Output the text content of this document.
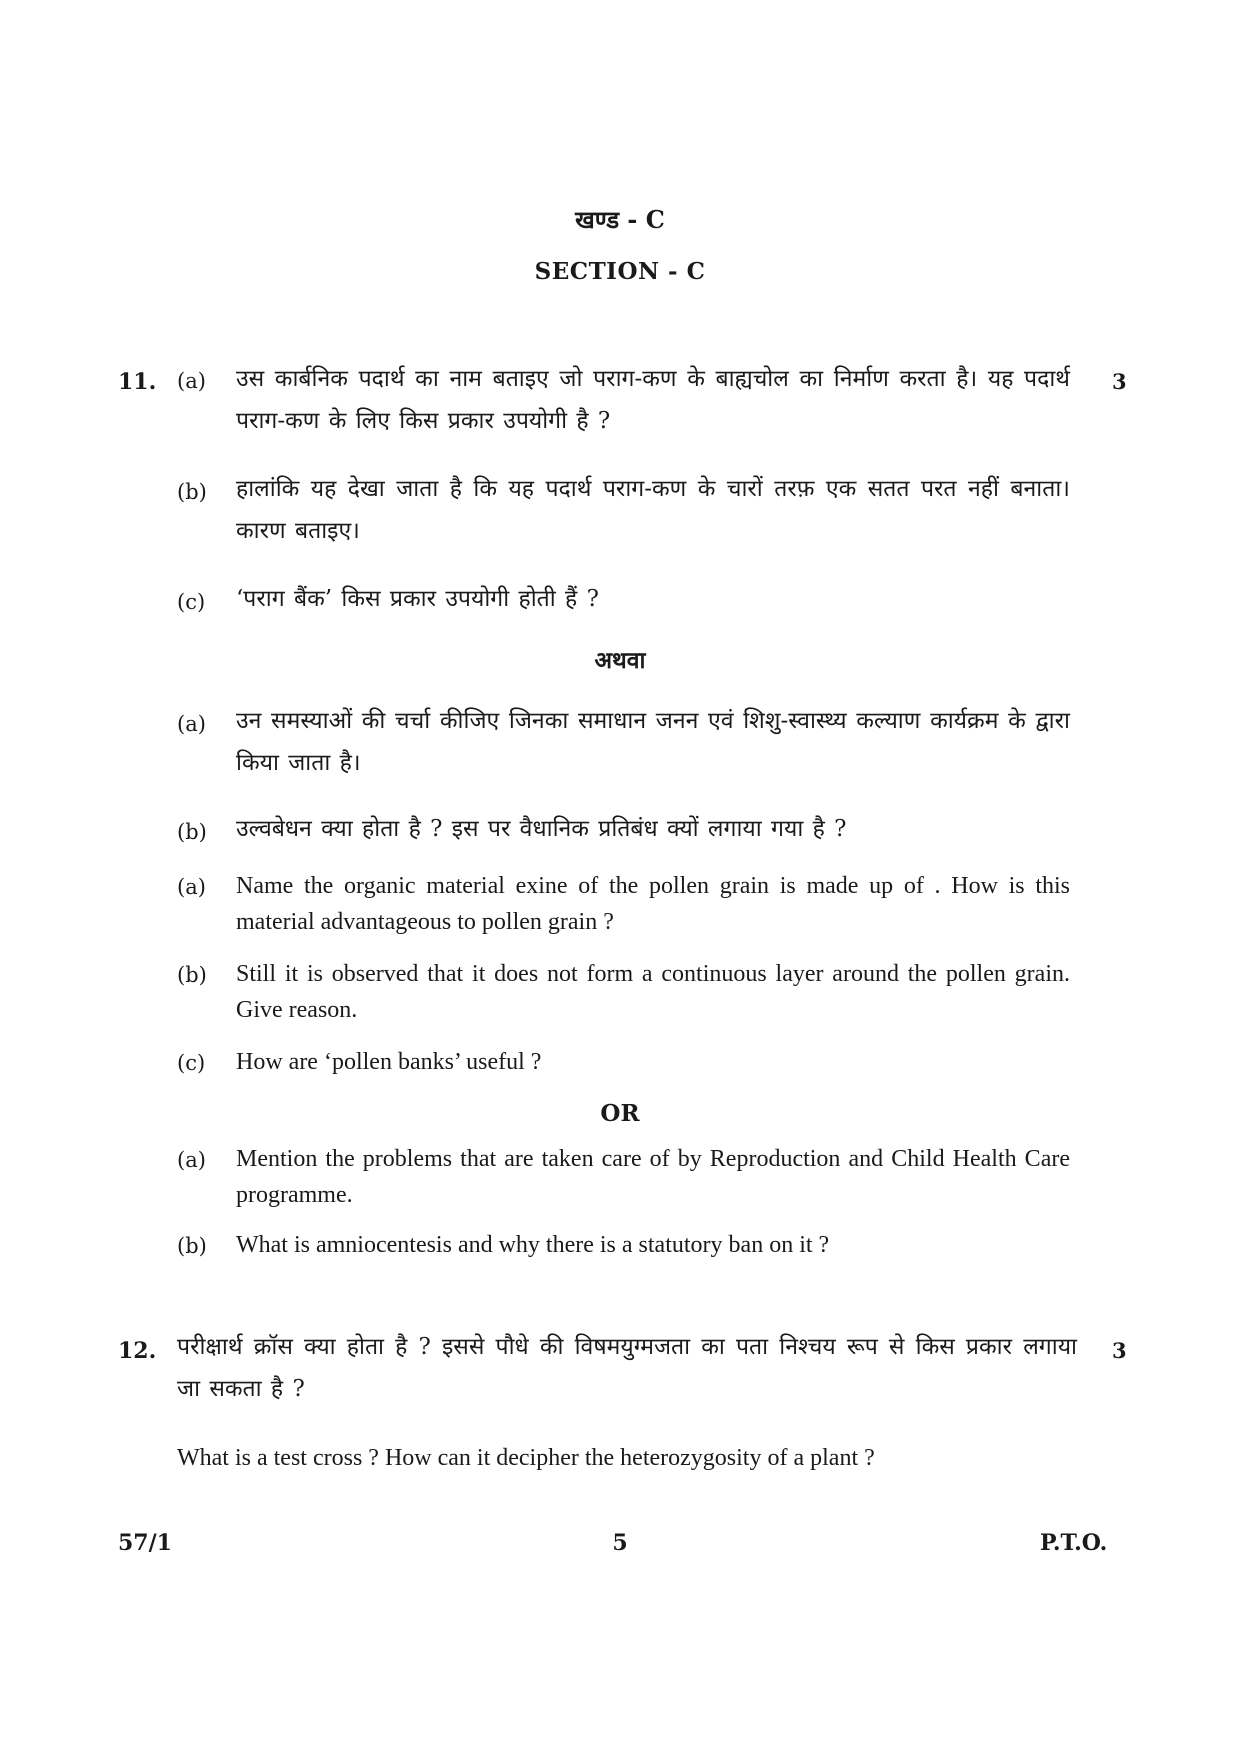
खण्ड - C
SECTION - C
11.	3
(a) उस कार्बनिक पदार्थ का नाम बताइए जो पराग-कण के बाह्यचोल का निर्माण करता है। यह पदार्थ पराग-कण के लिए किस प्रकार उपयोगी है ?
(b) हालांकि यह देखा जाता है कि यह पदार्थ पराग-कण के चारों तरफ़ एक सतत परत नहीं बनाता। कारण बताइए।
(c) ‘पराग बैंक’ किस प्रकार उपयोगी होती हैं ?
अथवा
(a) उन समस्याओं की चर्चा कीजिए जिनका समाधान जनन एवं शिशु-स्वास्थ्य कल्याण कार्यक्रम के द्वारा किया जाता है।
(b) उल्वबेधन क्या होता है ? इस पर वैधानिक प्रतिबंध क्यों लगाया गया है ?
(a) Name the organic material exine of the pollen grain is made up of . How is this material advantageous to pollen grain ?
(b) Still it is observed that it does not form a continuous layer around the pollen grain. Give reason.
(c) How are ‘pollen banks’ useful ?
OR
(a) Mention the problems that are taken care of by Reproduction and Child Health Care programme.
(b) What is amniocentesis and why there is a statutory ban on it ?
12.	3
परीक्षार्थ क्रॉस क्या होता है ? इससे पौधे की विषमयुग्मजता का पता निश्चय रूप से किस प्रकार लगाया जा सकता है ?
What is a test cross ? How can it decipher the heterozygosity of a plant ?
57/1	5	P.T.O.
